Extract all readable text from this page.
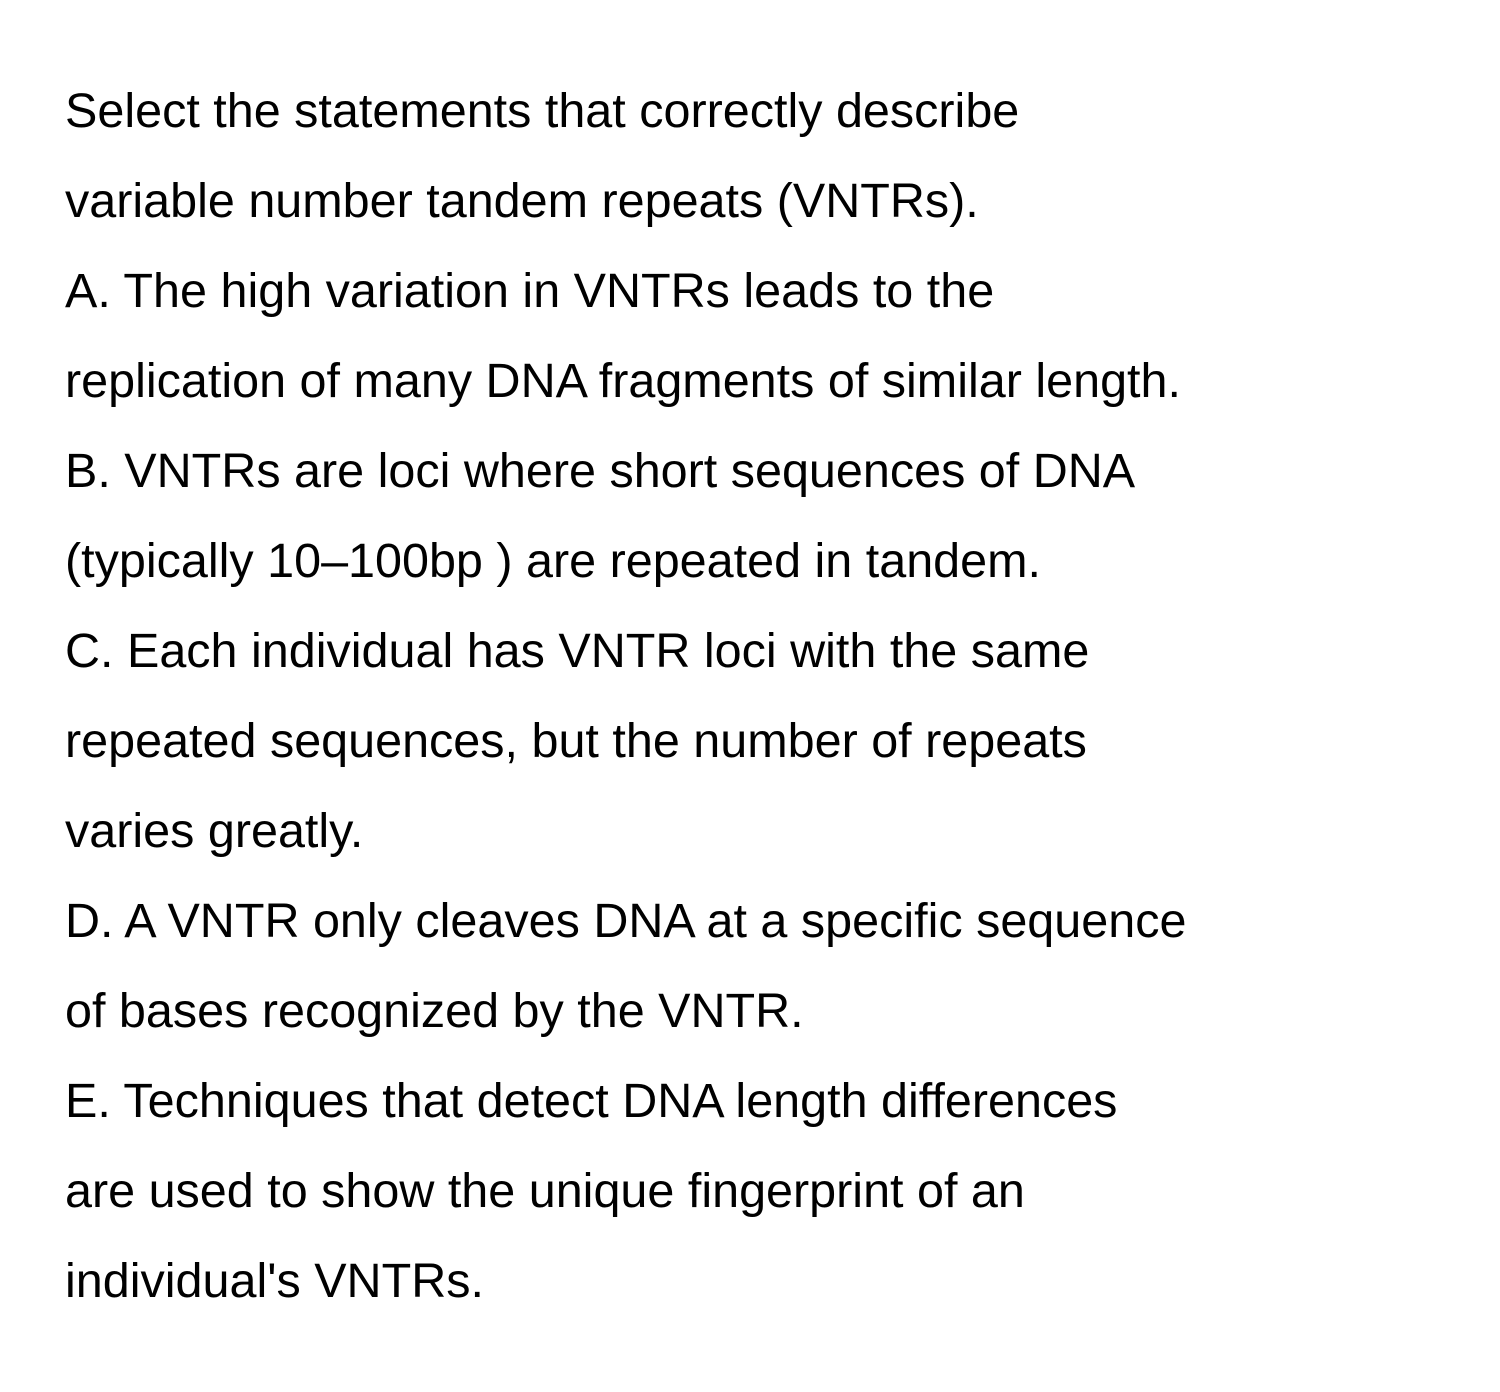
Select the statements that correctly describe
variable number tandem repeats (VNTRs).
A. The high variation in VNTRs leads to the
replication of many DNA fragments of similar length.
B. VNTRs are loci where short sequences of DNA
(typically 10–100bp ) are repeated in tandem.
C. Each individual has VNTR loci with the same
repeated sequences, but the number of repeats
varies greatly.
D. A VNTR only cleaves DNA at a specific sequence
of bases recognized by the VNTR.
E. Techniques that detect DNA length differences
are used to show the unique fingerprint of an
individual's VNTRs.
